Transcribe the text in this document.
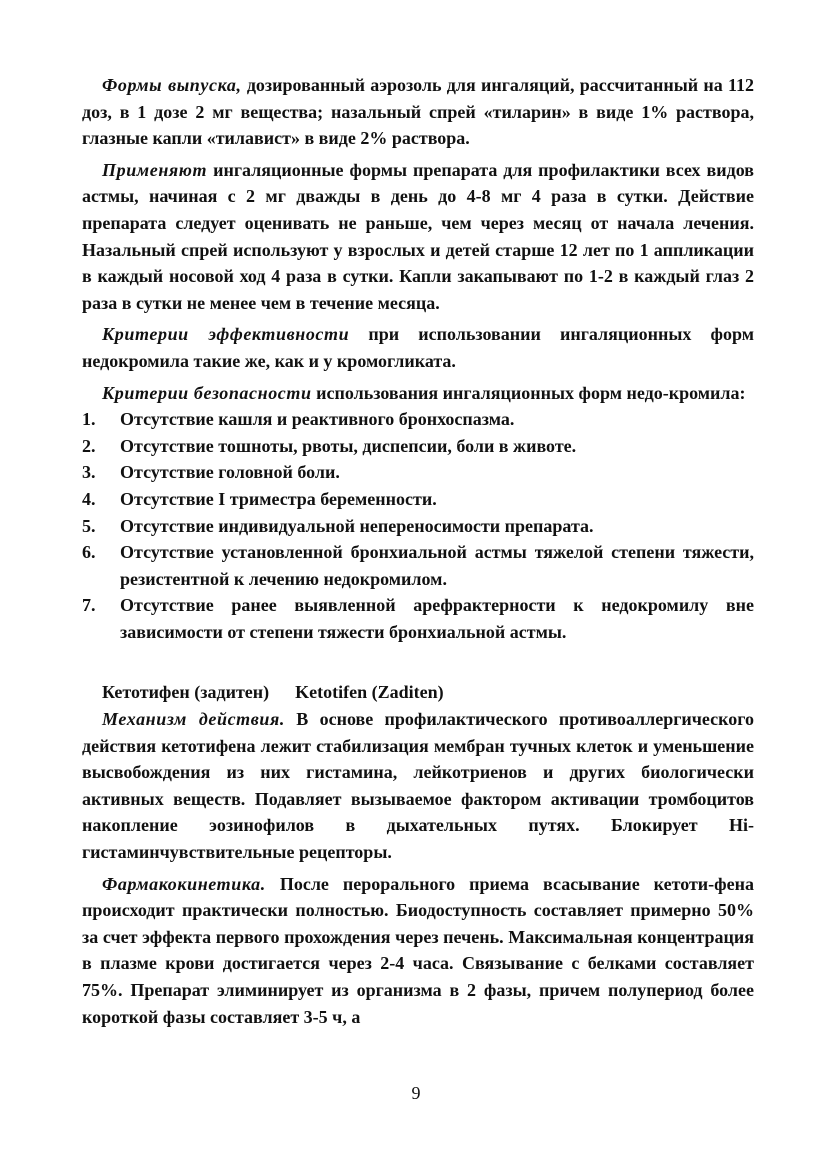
Формы выпуска, дозированный аэрозоль для ингаляций, рассчитанный на 112 доз, в 1 дозе 2 мг вещества; назальный спрей «тиларин» в виде 1% раствора, глазные капли «тилавист» в виде 2% раствора.

Применяют ингаляционные формы препарата для профилактики всех видов астмы, начиная с 2 мг дважды в день до 4-8 мг 4 раза в сутки. Действие препарата следует оценивать не раньше, чем через месяц от начала лечения. Назальный спрей используют у взрослых и детей старше 12 лет по 1 аппликации в каждый носовой ход 4 раза в сутки. Капли закапывают по 1-2 в каждый глаз 2 раза в сутки не менее чем в течение месяца.

Критерии эффективности при использовании ингаляционных форм недокромила такие же, как и у кромогликата.

Критерии безопасности использования ингаляционных форм недо-кромила:

1. Отсутствие кашля и реактивного бронхоспазма.
2. Отсутствие тошноты, рвоты, диспепсии, боли в животе.
3. Отсутствие головной боли.
4. Отсутствие I триместра беременности.
5. Отсутствие индивидуальной непереносимости препарата.
6. Отсутствие установленной бронхиальной астмы тяжелой степени тяжести, резистентной к лечению недокромилом.
7. Отсутствие ранее выявленной арефрактерности к недокромилу вне зависимости от степени тяжести бронхиальной астмы.
Кетотифен (задитен) Ketotifen (Zaditen)

Механизм действия. В основе профилактического противоаллергического действия кетотифена лежит стабилизация мембран тучных клеток и уменьшение высвобождения из них гистамина, лейкотриенов и других биологически активных веществ. Подавляет вызываемое фактором активации тромбоцитов накопление эозинофилов в дыхательных путях. Блокирует Hi-гистаминчувствительные рецепторы.

Фармакокинетика. После перорального приема всасывание кетоти-фена происходит практически полностью. Биодоступность составляет примерно 50% за счет эффекта первого прохождения через печень. Максимальная концентрация в плазме крови достигается через 2-4 часа. Связывание с белками составляет 75%. Препарат элиминирует из организма в 2 фазы, причем полупериод более короткой фазы составляет 3-5 ч, а

9
